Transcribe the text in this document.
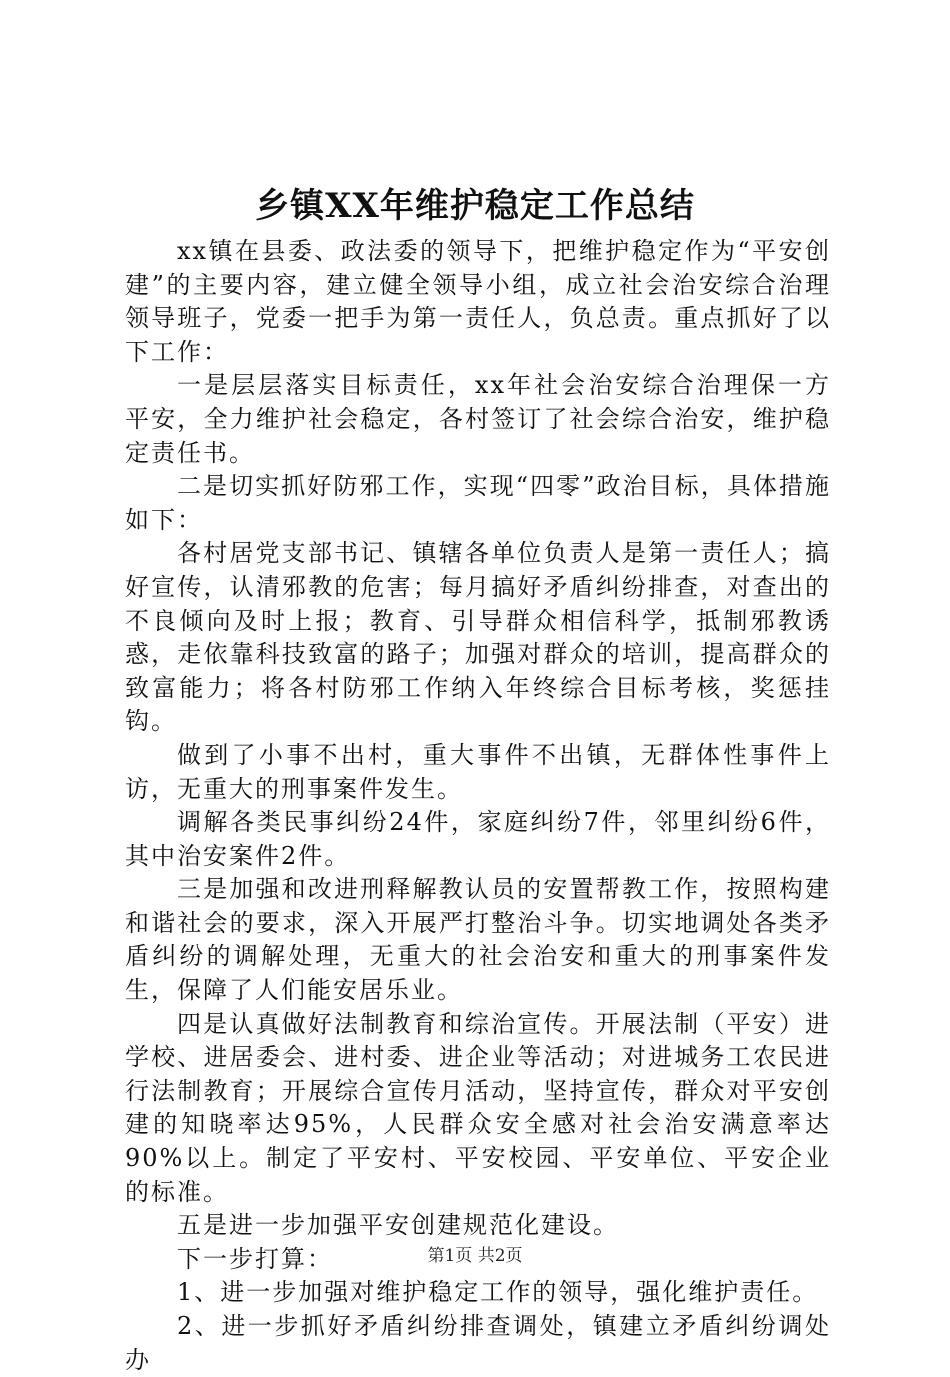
乡镇XX年维护稳定工作总结

xx镇在县委、政法委的领导下，把维护稳定作为“平安创建”的主要内容，建立健全领导小组，成立社会治安综合治理领导班子，党委一把手为第一责任人，负总责。重点抓好了以下工作：

一是层层落实目标责任，xx年社会治安综合治理保一方平安，全力维护社会稳定，各村签订了社会综合治安，维护稳定责任书。

二是切实抓好防邪工作，实现“四零”政治目标，具体措施如下：

各村居党支部书记、镇辖各单位负责人是第一责任人；搞好宣传，认清邪教的危害；每月搞好矛盾纠纷排查，对查出的不良倾向及时上报；教育、引导群众相信科学，抵制邪教诱惑，走依靠科技致富的路子；加强对群众的培训，提高群众的致富能力；将各村防邪工作纳入年终综合目标考核，奖惩挂钩。

做到了小事不出村，重大事件不出镇，无群体性事件上访，无重大的刑事案件发生。

调解各类民事纠纷24件，家庭纠纷7件，邻里纠纷6件，其中治安案件2件。

三是加强和改进刑释解教认员的安置帮教工作，按照构建和谐社会的要求，深入开展严打整治斗争。切实地调处各类矛盾纠纷的调解处理，无重大的社会治安和重大的刑事案件发生，保障了人们能安居乐业。

四是认真做好法制教育和综治宣传。开展法制（平安）进学校、进居委会、进村委、进企业等活动；对进城务工农民进行法制教育；开展综合宣传月活动，坚持宣传，群众对平安创建的知晓率达95%，人民群众安全感对社会治安满意率达90%以上。制定了平安村、平安校园、平安单位、平安企业的标准。

五是进一步加强平安创建规范化建设。

下一步打算：

1、进一步加强对维护稳定工作的领导，强化维护责任。

2、进一步抓好矛盾纠纷排查调处，镇建立矛盾纠纷调处办

第1页 共2页
